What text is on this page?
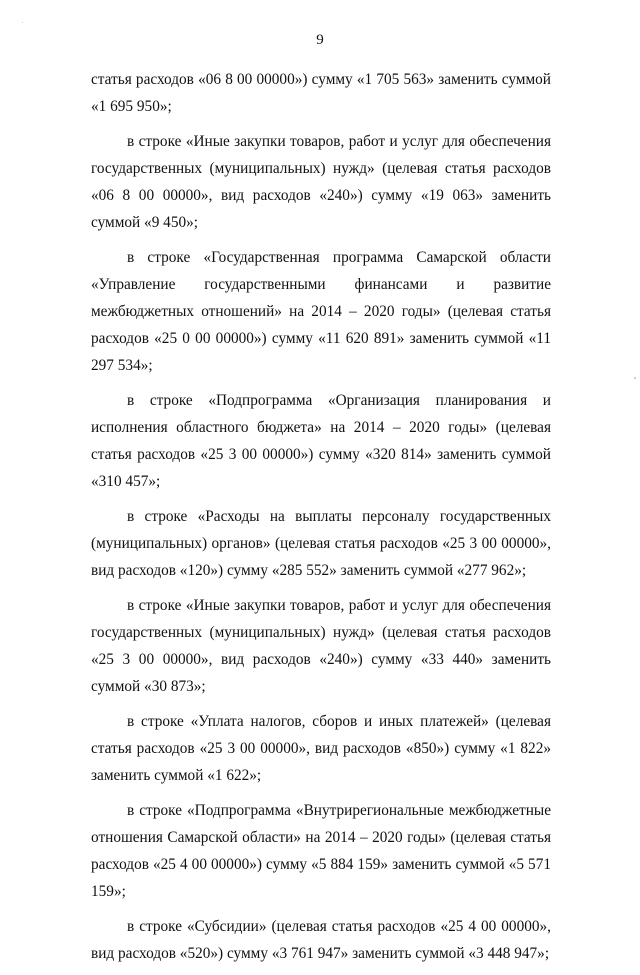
9

статья расходов «06 8 00 00000») сумму «1 705 563» заменить суммой «1 695 950»;

в строке «Иные закупки товаров, работ и услуг для обеспечения государственных (муниципальных) нужд» (целевая статья расходов «06 8 00 00000», вид расходов «240») сумму «19 063» заменить суммой «9 450»;

в строке «Государственная программа Самарской области «Управление государственными финансами и развитие межбюджетных отношений» на 2014 – 2020 годы» (целевая статья расходов «25 0 00 00000») сумму «11 620 891» заменить суммой «11 297 534»;

в строке «Подпрограмма «Организация планирования и исполнения областного бюджета» на 2014 – 2020 годы» (целевая статья расходов «25 3 00 00000») сумму «320 814» заменить суммой «310 457»;

в строке «Расходы на выплаты персоналу государственных (муниципальных) органов» (целевая статья расходов «25 3 00 00000», вид расходов «120») сумму «285 552» заменить суммой «277 962»;

в строке «Иные закупки товаров, работ и услуг для обеспечения государственных (муниципальных) нужд» (целевая статья расходов «25 3 00 00000», вид расходов «240») сумму «33 440» заменить суммой «30 873»;

в строке «Уплата налогов, сборов и иных платежей» (целевая статья расходов «25 3 00 00000», вид расходов «850») сумму «1 822» заменить суммой «1 622»;

в строке «Подпрограмма «Внутрирегиональные межбюджетные отношения Самарской области» на 2014 – 2020 годы» (целевая статья расходов «25 4 00 00000») сумму «5 884 159» заменить суммой «5 571 159»;

в строке «Субсидии» (целевая статья расходов «25 4 00 00000», вид расходов «520») сумму «3 761 947» заменить суммой «3 448 947»;
